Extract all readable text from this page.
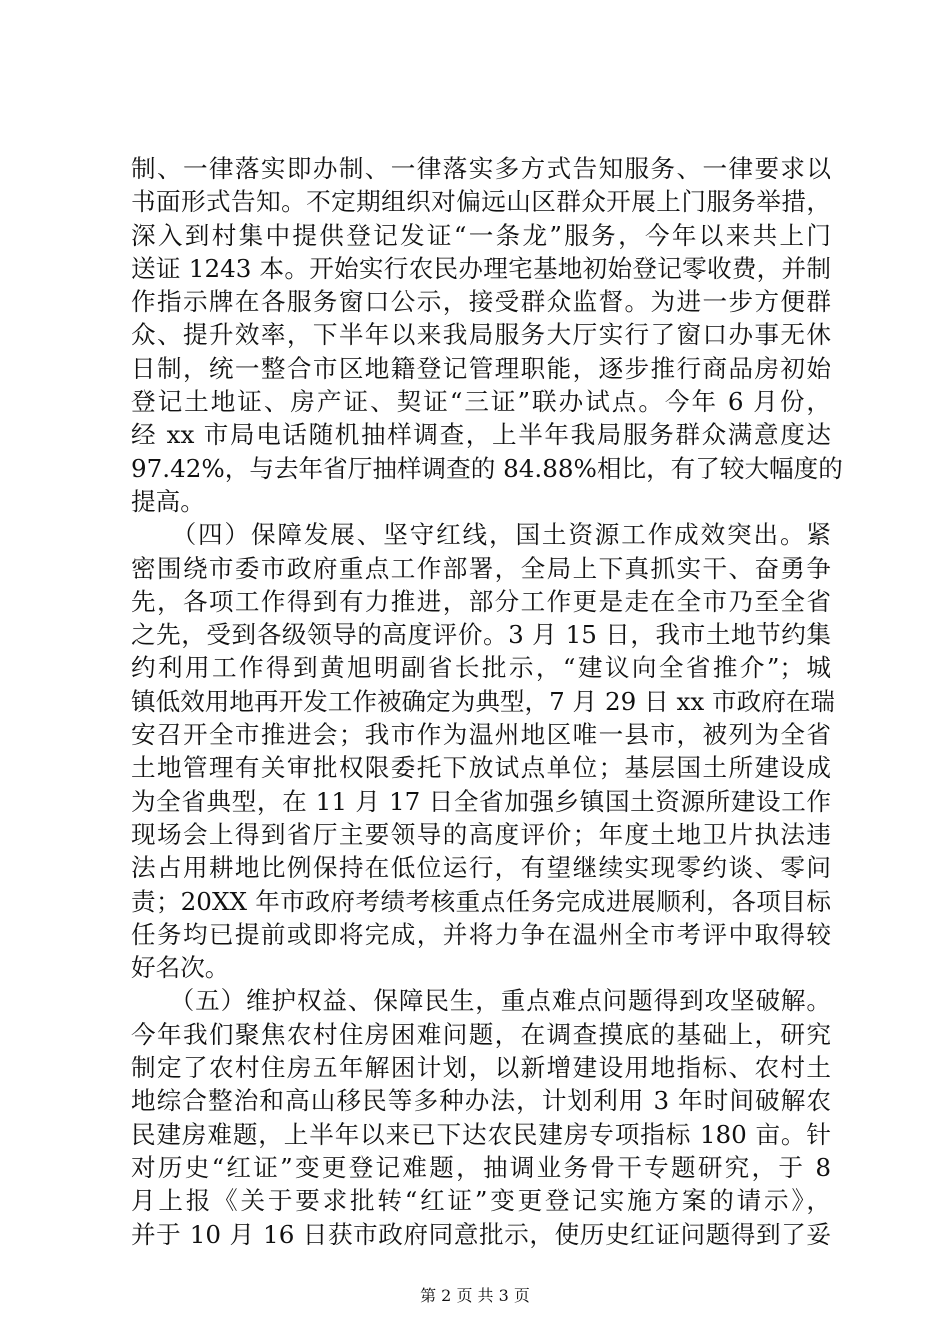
制、一律落实即办制、一律落实多方式告知服务、一律要求以
书面形式告知。不定期组织对偏远山区群众开展上门服务举措，
深入到村集中提供登记发证“一条龙”服务，今年以来共上门
送证 1243 本。开始实行农民办理宅基地初始登记零收费，并制
作指示牌在各服务窗口公示，接受群众监督。为进一步方便群
众、提升效率，下半年以来我局服务大厅实行了窗口办事无休
日制，统一整合市区地籍登记管理职能，逐步推行商品房初始
登记土地证、房产证、契证“三证”联办试点。今年 6 月份，
经 xx 市局电话随机抽样调查，上半年我局服务群众满意度达
97.42%，与去年省厅抽样调查的 84.88%相比，有了较大幅度的
提高。
　　（四）保障发展、坚守红线，国土资源工作成效突出。紧
密围绕市委市政府重点工作部署，全局上下真抓实干、奋勇争
先，各项工作得到有力推进，部分工作更是走在全市乃至全省
之先，受到各级领导的高度评价。3 月 15 日，我市土地节约集
约利用工作得到黄旭明副省长批示，“建议向全省推介”；城
镇低效用地再开发工作被确定为典型，7 月 29 日 xx 市政府在瑞
安召开全市推进会；我市作为温州地区唯一县市，被列为全省
土地管理有关审批权限委托下放试点单位；基层国土所建设成
为全省典型，在 11 月 17 日全省加强乡镇国土资源所建设工作
现场会上得到省厅主要领导的高度评价；年度土地卫片执法违
法占用耕地比例保持在低位运行，有望继续实现零约谈、零问
责；20XX 年市政府考绩考核重点任务完成进展顺利，各项目标
任务均已提前或即将完成，并将力争在温州全市考评中取得较
好名次。
　　（五）维护权益、保障民生，重点难点问题得到攻坚破解。
今年我们聚焦农村住房困难问题，在调查摸底的基础上，研究
制定了农村住房五年解困计划，以新增建设用地指标、农村土
地综合整治和高山移民等多种办法，计划利用 3 年时间破解农
民建房难题，上半年以来已下达农民建房专项指标 180 亩。针
对历史“红证”变更登记难题，抽调业务骨干专题研究，于 8
月上报《关于要求批转“红证”变更登记实施方案的请示》，
并于 10 月 16 日获市政府同意批示，使历史红证问题得到了妥
第 2 页 共 3 页
